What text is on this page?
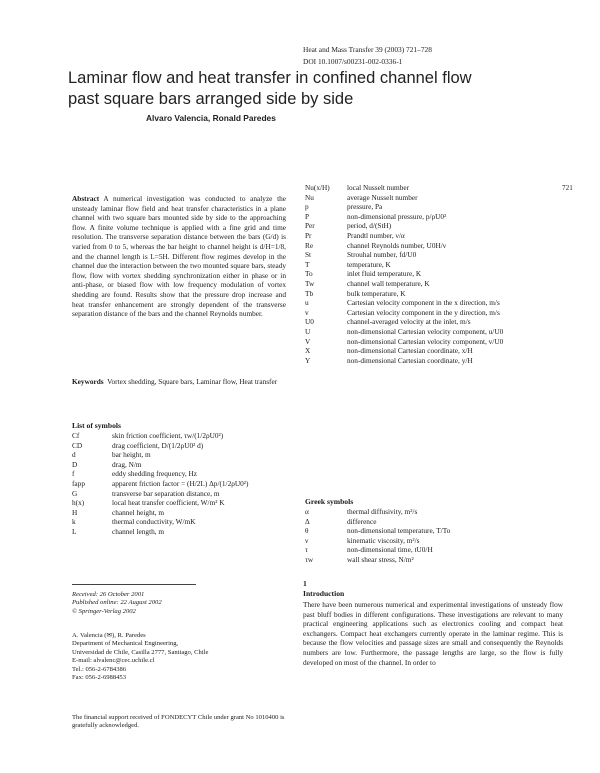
Heat and Mass Transfer 39 (2003) 721–728
DOI 10.1007/s00231-002-0336-1
Laminar flow and heat transfer in confined channel flow past square bars arranged side by side
Alvaro Valencia, Ronald Paredes
721
Abstract A numerical investigation was conducted to analyze the unsteady laminar flow field and heat transfer characteristics in a plane channel with two square bars mounted side by side to the approaching flow. A finite volume technique is applied with a fine grid and time resolution. The transverse separation distance between the bars (G/d) is varied from 0 to 5, whereas the bar height to channel height is d/H=1/8, and the channel length is L=5H. Different flow regimes develop in the channel due the interaction between the two mounted square bars, steady flow, flow with vortex shedding synchronization either in phase or in anti-phase, or biased flow with low frequency modulation of vortex shedding are found. Results show that the pressure drop increase and heat transfer enhancement are strongly dependent of the transverse separation distance of the bars and the channel Reynolds number.
Keywords Vortex shedding, Square bars, Laminar flow, Heat transfer
List of symbols
Cf	skin friction coefficient, τw/(1/2ρU0²)
CD	drag coefficient, D/(1/2ρU0² d)
d	bar height, m
D	drag, N/m
f	eddy shedding frequency, Hz
fapp	apparent friction factor = (H/2L) Δp/(1/2ρU0²)
G	transverse bar separation distance, m
h(x)	local heat transfer coefficient, W/m² K
H	channel height, m
k	thermal conductivity, W/mK
L	channel length, m
Nu(x/H)	local Nusselt number
Nu	average Nusselt number
p	pressure, Pa
P	non-dimensional pressure, p/ρU0²
Per	period, d/(StH)
Pr	Prandtl number, ν/α
Re	channel Reynolds number, U0H/ν
St	Strouhal number, fd/U0
T	temperature, K
To	inlet fluid temperature, K
Tw	channel wall temperature, K
Tb	bulk temperature, K
u	Cartesian velocity component in the x direction, m/s
v	Cartesian velocity component in the y direction, m/s
U0	channel-averaged velocity at the inlet, m/s
U	non-dimensional Cartesian velocity component, u/U0
V	non-dimensional Cartesian velocity component, v/U0
X	non-dimensional Cartesian coordinate, x/H
Y	non-dimensional Cartesian coordinate, y/H
Greek symbols
α	thermal diffusivity, m²/s
Δ	difference
θ	non-dimensional temperature, T/To
ν	kinematic viscosity, m²/s
τ	non-dimensional time, tU0/H
τw	wall shear stress, N/m²
Received: 26 October 2001
Published online: 22 August 2002
© Springer-Verlag 2002
A. Valencia (✉), R. Paredes
Department of Mechanical Engineering,
Universidad de Chile, Casilla 2777, Santiago, Chile
E-mail: alvalenc@cec.uchile.cl
Tel.: 056-2-6784386
Fax: 056-2-6988453
The financial support received of FONDECYT Chile under grant No 1010400 is gratefully acknowledged.
1
Introduction
There have been numerous numerical and experimental investigations of unsteady flow past bluff bodies in different configurations. These investigations are relevant to many practical engineering applications such as electronics cooling and compact heat exchangers. Compact heat exchangers currently operate in the laminar regime. This is because the flow velocities and passage sizes are small and consequently the Reynolds numbers are low. Furthermore, the passage lengths are large, so the flow is fully developed on most of the channel. In order to
